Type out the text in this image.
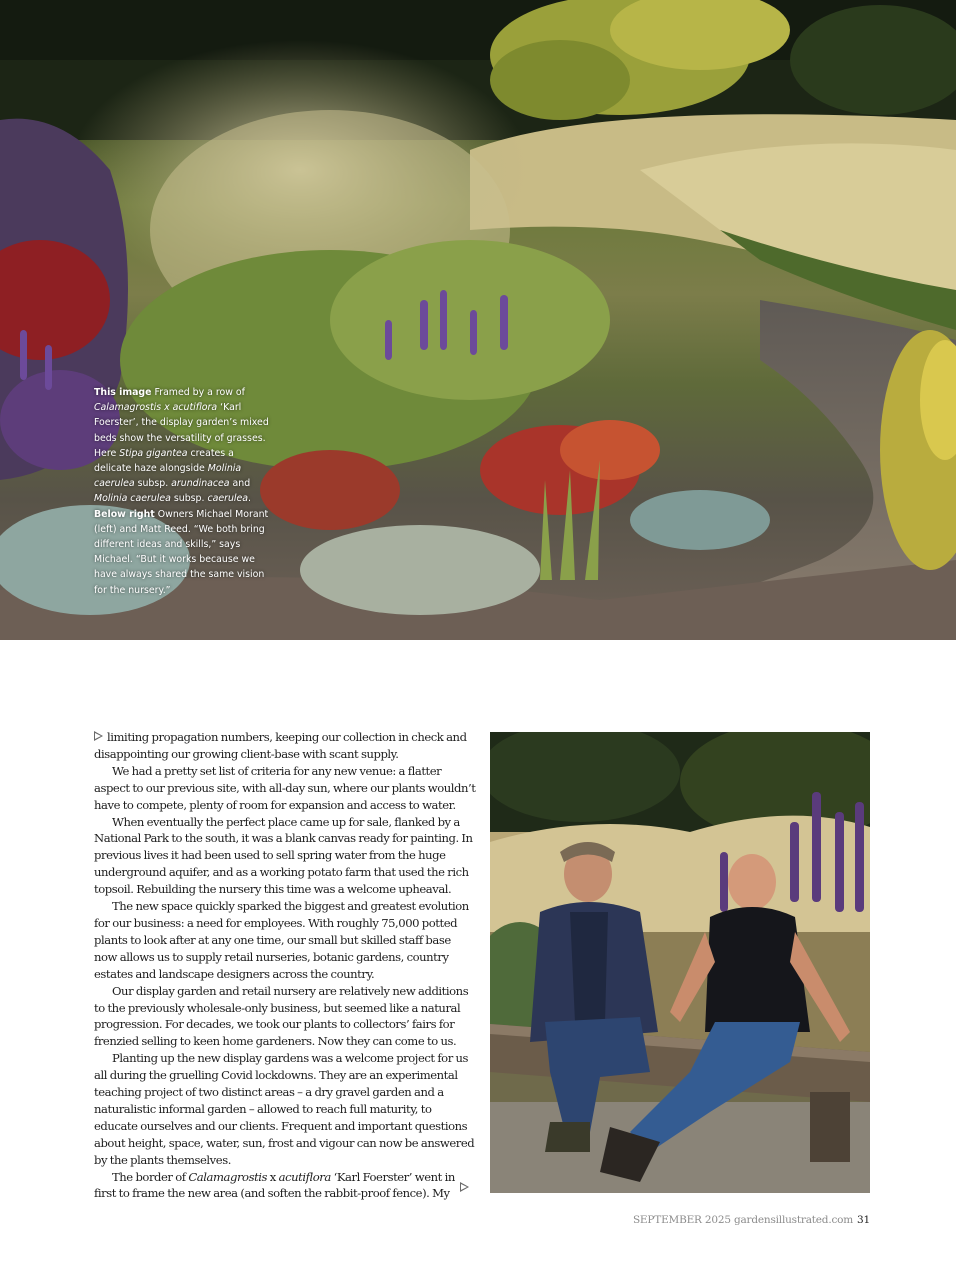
This image Framed by a row of Calamagrostis x acutiflora ‘Karl Foerster’, the display garden’s mixed beds show the versatility of grasses. Here Stipa gigantea creates a delicate haze alongside Molinia caerulea subsp. arundinacea and Molinia caerulea subsp. caerulea.

Below right Owners Michael Morant (left) and Matt Reed. “We both bring different ideas and skills,” says Michael. “But it works because we have always shared the same vision for the nursery.”

limiting propagation numbers, keeping our collection in check and disappointing our growing client-base with scant supply.

We had a pretty set list of criteria for any new venue: a flatter aspect to our previous site, with all-day sun, where our plants wouldn’t have to compete, plenty of room for expansion and access to water.

When eventually the perfect place came up for sale, flanked by a National Park to the south, it was a blank canvas ready for painting. In previous lives it had been used to sell spring water from the huge underground aquifer, and as a working potato farm that used the rich topsoil. Rebuilding the nursery this time was a welcome upheaval.

The new space quickly sparked the biggest and greatest evolution for our business: a need for employees. With roughly 75,000 potted plants to look after at any one time, our small but skilled staff base now allows us to supply retail nurseries, botanic gardens, country estates and landscape designers across the country.

Our display garden and retail nursery are relatively new additions to the previously wholesale-only business, but seemed like a natural progression. For decades, we took our plants to collectors’ fairs for frenzied selling to keen home gardeners. Now they can come to us.

Planting up the new display gardens was a welcome project for us all during the gruelling Covid lockdowns. They are an experimental teaching project of two distinct areas – a dry gravel garden and a naturalistic informal garden – allowed to reach full maturity, to educate ourselves and our clients. Frequent and important questions about height, space, water, sun, frost and vigour can now be answered by the plants themselves.

The border of Calamagrostis x acutiflora ‘Karl Foerster’ went in first to frame the new area (and soften the rabbit-proof fence). My

SEPTEMBER 2025 gardensillustrated.com 31
